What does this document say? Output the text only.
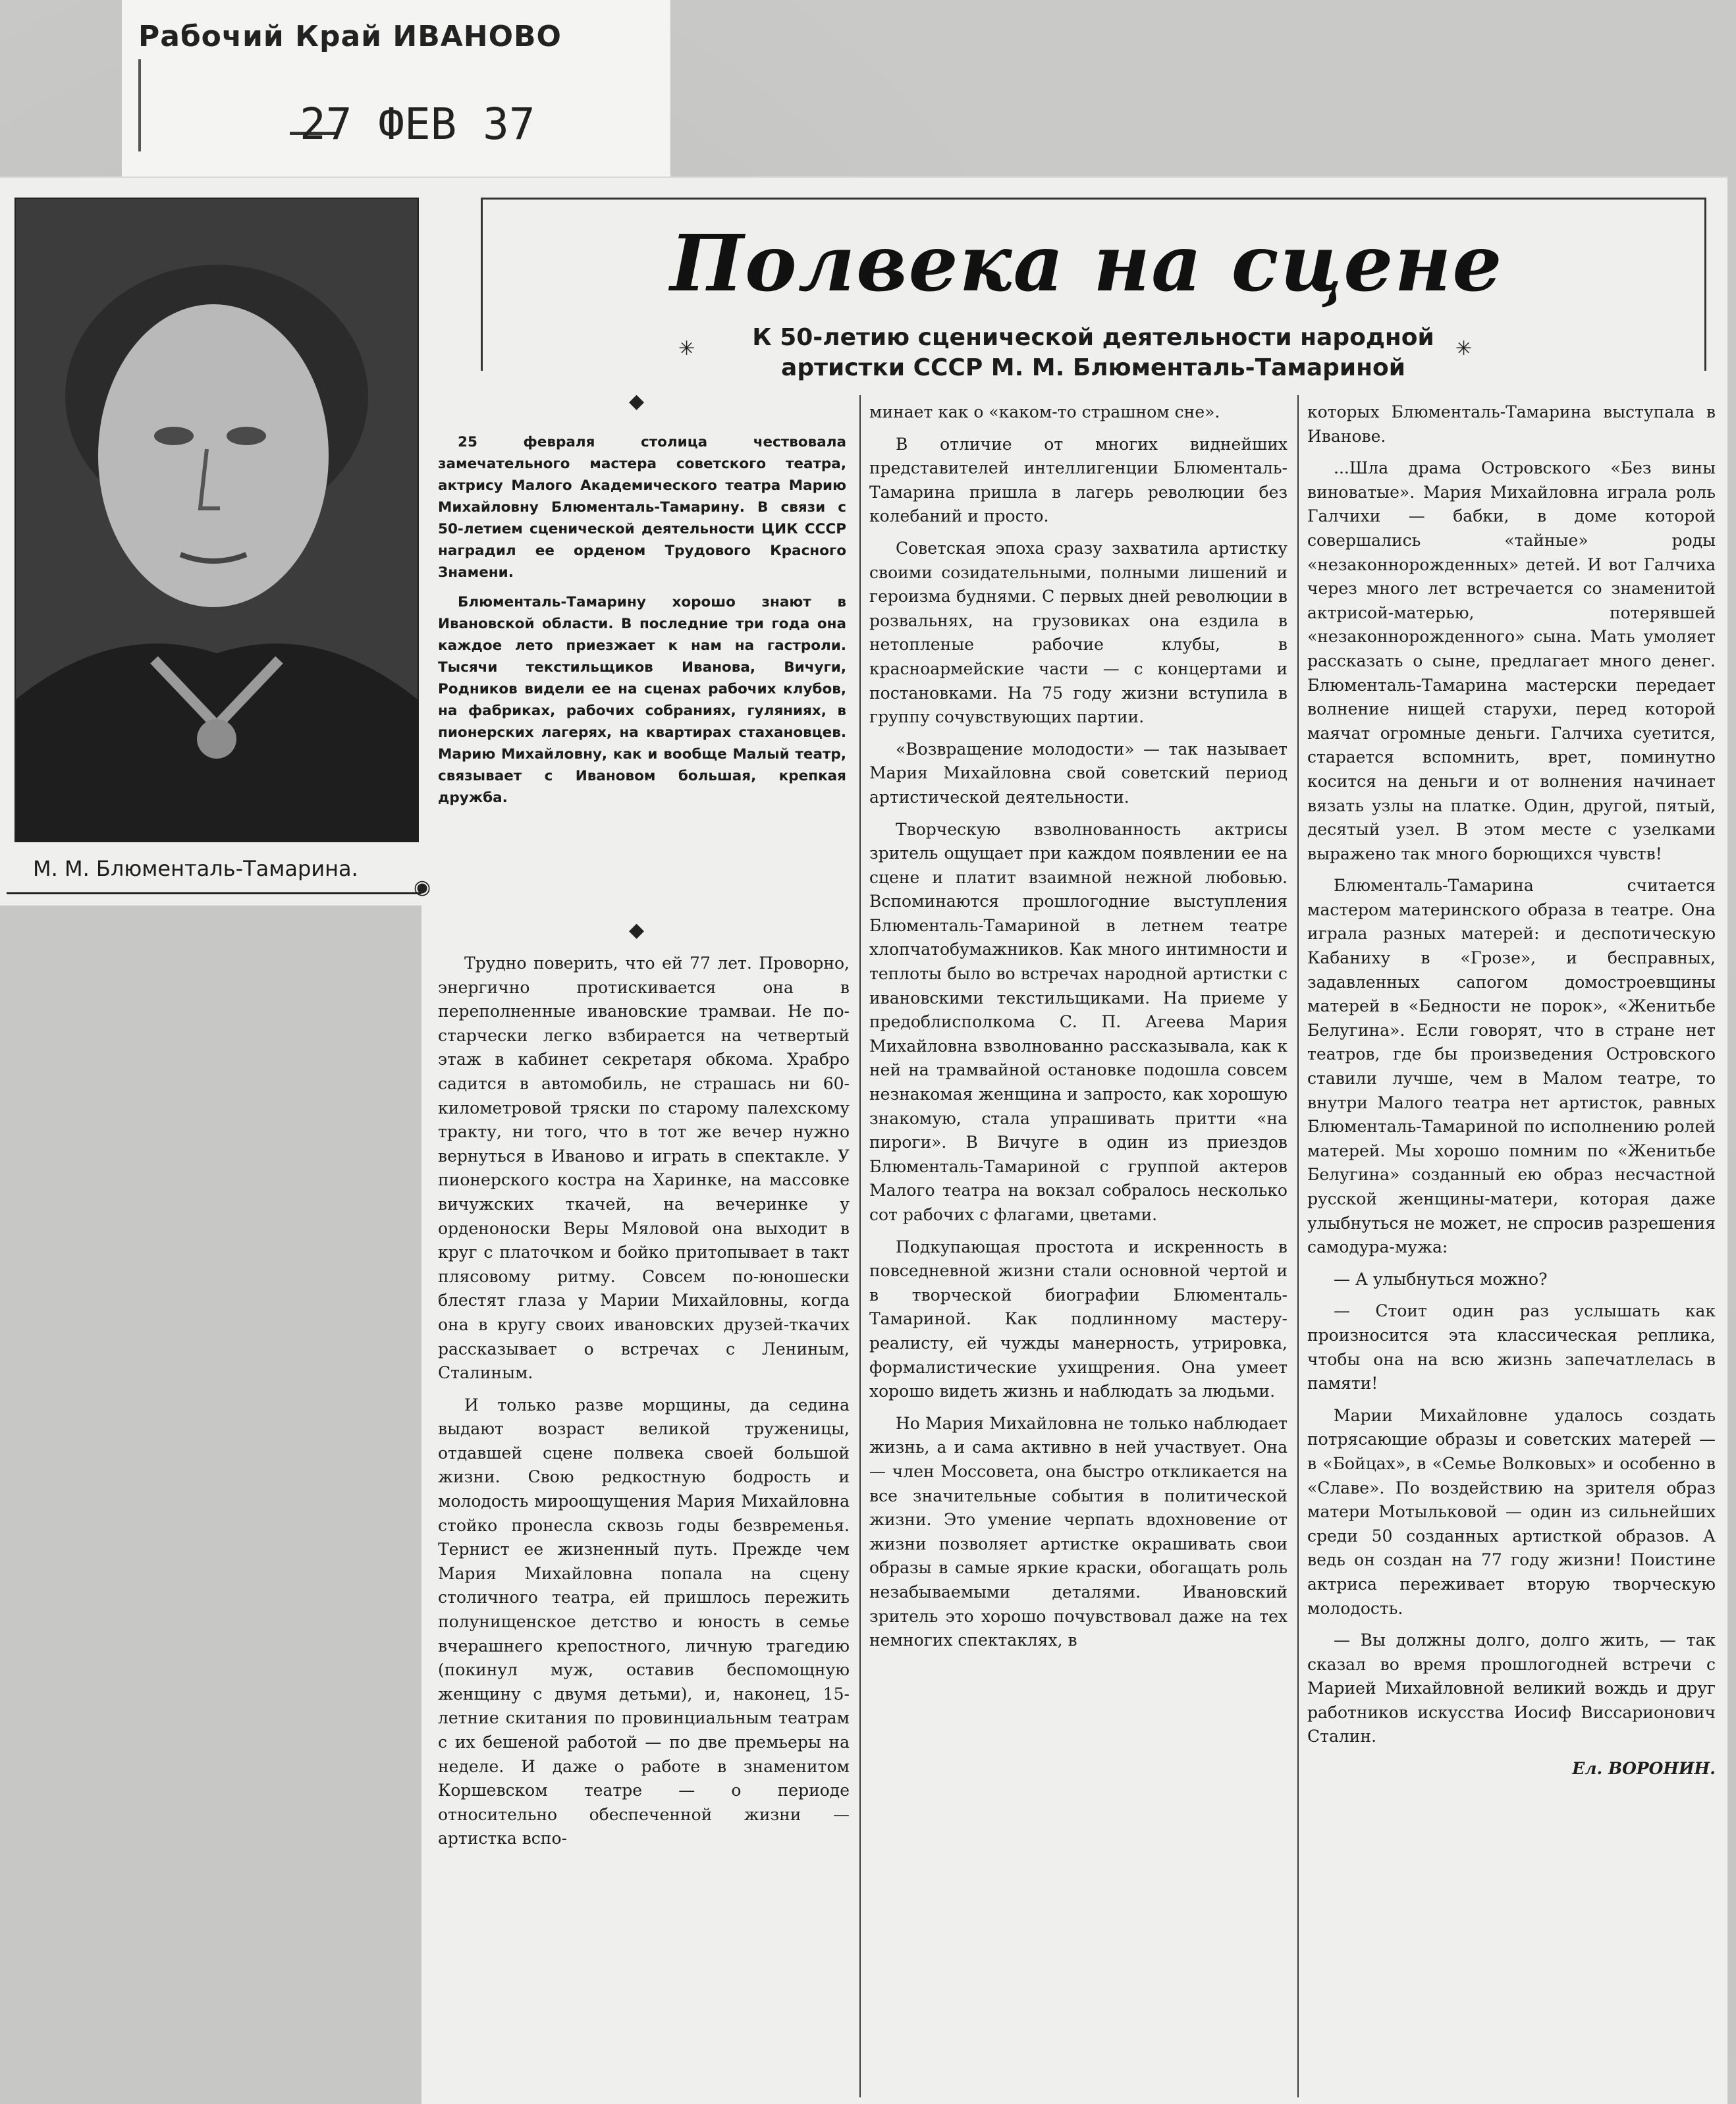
Рабочий Край ИВАНОВО
27 ФЕВ 37
М. М. Блюменталь-Тамарина.
◉
Полвека на сцене
К 50-летию сценической деятельности народной
артистки СССР М. М. Блюменталь-Тамариной
✳	✳
◆
◆

25 февраля столица чествовала замечательного мастера советского театра, актрису Малого Академического театра Марию Михайловну Блюменталь-Тамарину. В связи с 50-летием сценической деятельности ЦИК СССР наградил ее орденом Трудового Красного Знамени.

Блюменталь-Тамарину хорошо знают в Ивановской области. В последние три года она каждое лето приезжает к нам на гастроли. Тысячи текстильщиков Иванова, Вичуги, Родников видели ее на сценах рабочих клубов, на фабриках, рабочих собраниях, гуляниях, в пионерских лагерях, на квартирах стахановцев. Марию Михайловну, как и вообще Малый театр, связывает с Ивановом большая, крепкая дружба.

Трудно поверить, что ей 77 лет. Проворно, энергично протискивается она в переполненные ивановские трамваи. Не по-старчески легко взбирается на четвертый этаж в кабинет секретаря обкома. Храбро садится в автомобиль, не страшась ни 60-километровой тряски по старому палехскому тракту, ни того, что в тот же вечер нужно вернуться в Иваново и играть в спектакле. У пионерского костра на Харинке, на массовке вичужских ткачей, на вечеринке у орденоноски Веры Мяловой она выходит в круг с платочком и бойко притопывает в такт плясовому ритму. Совсем по-юношески блестят глаза у Марии Михайловны, когда она в кругу своих ивановских друзей-ткачих рассказывает о встречах с Лениным, Сталиным.

И только разве морщины, да седина выдают возраст великой труженицы, отдавшей сцене полвека своей большой жизни. Свою редкостную бодрость и молодость мироощущения Мария Михайловна стойко пронесла сквозь годы безвременья. Тернист ее жизненный путь. Прежде чем Мария Михайловна попала на сцену столичного театра, ей пришлось пережить полунищенское детство и юность в семье вчерашнего крепостного, личную трагедию (покинул муж, оставив беспомощную женщину с двумя детьми), и, наконец, 15-летние скитания по провинциальным театрам с их бешеной работой — по две премьеры на неделе. И даже о работе в знаменитом Коршевском театре — о периоде относительно обеспеченной жизни — артистка вспо-

минает как о «каком-то страшном сне».

В отличие от многих виднейших представителей интеллигенции Блюменталь-Тамарина пришла в лагерь революции без колебаний и просто.

Советская эпоха сразу захватила артистку своими созидательными, полными лишений и героизма буднями. С первых дней революции в розвальнях, на грузовиках она ездила в нетопленые рабочие клубы, в красноармейские части — с концертами и постановками. На 75 году жизни вступила в группу сочувствующих партии.

«Возвращение молодости» — так называет Мария Михайловна свой советский период артистической деятельности.

Творческую взволнованность актрисы зритель ощущает при каждом появлении ее на сцене и платит взаимной нежной любовью. Вспоминаются прошлогодние выступления Блюменталь-Тамариной в летнем театре хлопчатобумажников. Как много интимности и теплоты было во встречах народной артистки с ивановскими текстильщиками. На приеме у предоблисполкома С. П. Агеева Мария Михайловна взволнованно рассказывала, как к ней на трамвайной остановке подошла совсем незнакомая женщина и запросто, как хорошую знакомую, стала упрашивать притти «на пироги». В Вичуге в один из приездов Блюменталь-Тамариной с группой актеров Малого театра на вокзал собралось несколько сот рабочих с флагами, цветами.

Подкупающая простота и искренность в повседневной жизни стали основной чертой и в творческой биографии Блюменталь-Тамариной. Как подлинному мастеру-реалисту, ей чужды манерность, утрировка, формалистические ухищрения. Она умеет хорошо видеть жизнь и наблюдать за людьми.

Но Мария Михайловна не только наблюдает жизнь, а и сама активно в ней участвует. Она — член Моссовета, она быстро откликается на все значительные события в политической жизни. Это умение черпать вдохновение от жизни позволяет артистке окрашивать свои образы в самые яркие краски, обогащать роль незабываемыми деталями. Ивановский зритель это хорошо почувствовал даже на тех немногих спектаклях, в

которых Блюменталь-Тамарина выступала в Иванове.

...Шла драма Островского «Без вины виноватые». Мария Михайловна играла роль Галчихи — бабки, в доме которой совершались «тайные» роды «незаконнорожденных» детей. И вот Галчиха через много лет встречается со знаменитой актрисой-матерью, потерявшей «незаконнорожденного» сына. Мать умоляет рассказать о сыне, предлагает много денег. Блюменталь-Тамарина мастерски передает волнение нищей старухи, перед которой маячат огромные деньги. Галчиха суетится, старается вспомнить, врет, поминутно косится на деньги и от волнения начинает вязать узлы на платке. Один, другой, пятый, десятый узел. В этом месте с узелками выражено так много борющихся чувств!

Блюменталь-Тамарина считается мастером материнского образа в театре. Она играла разных матерей: и деспотическую Кабаниху в «Грозе», и бесправных, задавленных сапогом домостроевщины матерей в «Бедности не порок», «Женитьбе Белугина». Если говорят, что в стране нет театров, где бы произведения Островского ставили лучше, чем в Малом театре, то внутри Малого театра нет артисток, равных Блюменталь-Тамариной по исполнению ролей матерей. Мы хорошо помним по «Женитьбе Белугина» созданный ею образ несчастной русской женщины-матери, которая даже улыбнуться не может, не спросив разрешения самодура-мужа:

— А улыбнуться можно?

— Стоит один раз услышать как произносится эта классическая реплика, чтобы она на всю жизнь запечатлелась в памяти!

Марии Михайловне удалось создать потрясающие образы и советских матерей — в «Бойцах», в «Семье Волковых» и особенно в «Славе». По воздействию на зрителя образ матери Мотыльковой — один из сильнейших среди 50 созданных артисткой образов. А ведь он создан на 77 году жизни! Поистине актриса переживает вторую творческую молодость.

— Вы должны долго, долго жить, — так сказал во время прошлогодней встречи с Марией Михайловной великий вождь и друг работников искусства Иосиф Виссарионович Сталин.

Ел. ВОРОНИН.
